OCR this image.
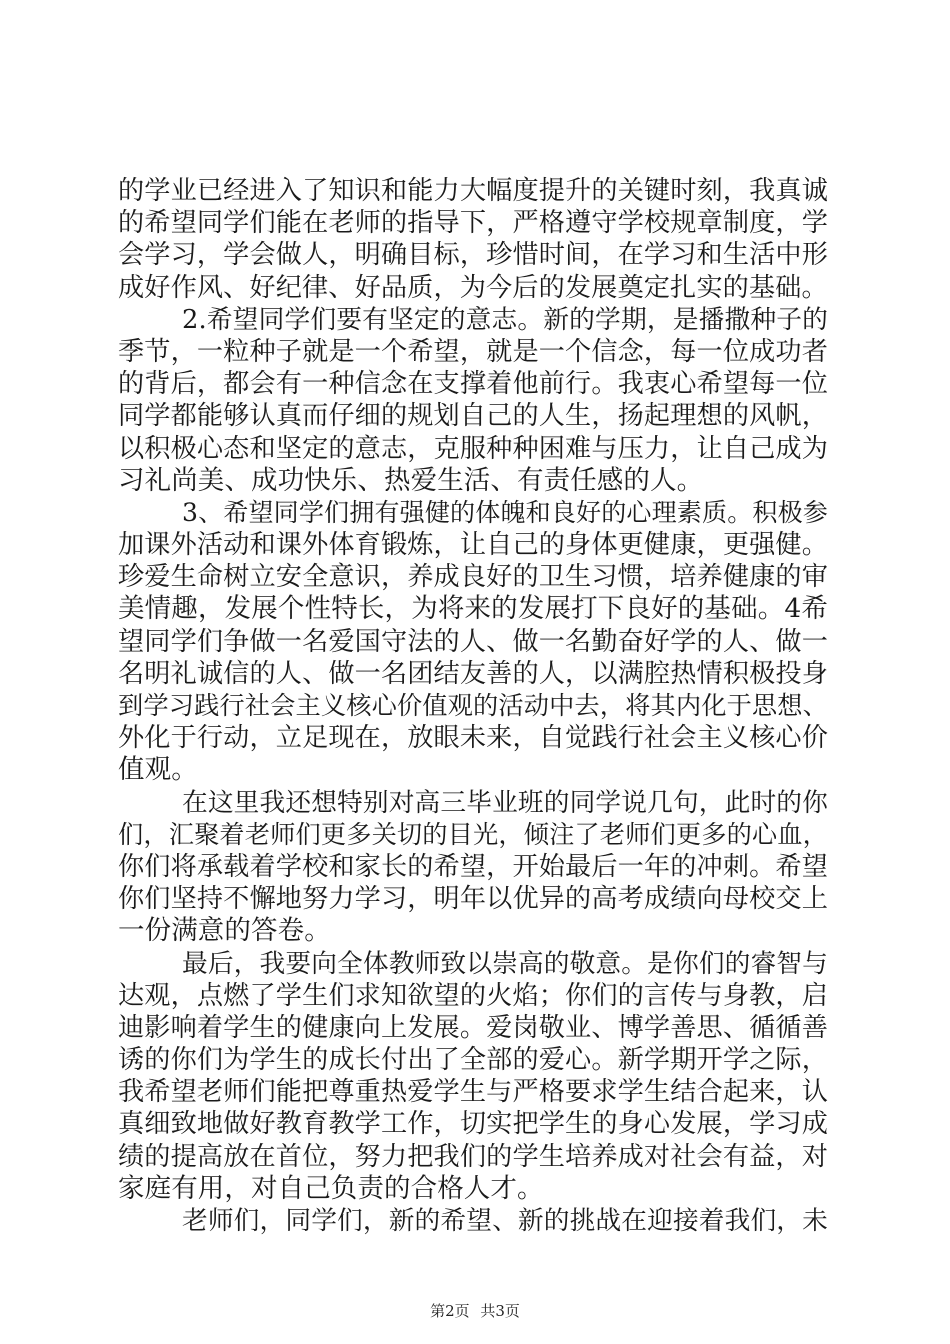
的学业已经进入了知识和能力大幅度提升的关键时刻，我真诚
的希望同学们能在老师的指导下，严格遵守学校规章制度，学
会学习，学会做人，明确目标，珍惜时间，在学习和生活中形
成好作风、好纪律、好品质，为今后的发展奠定扎实的基础。
2.希望同学们要有坚定的意志。新的学期，是播撒种子的
季节，一粒种子就是一个希望，就是一个信念，每一位成功者
的背后，都会有一种信念在支撑着他前行。我衷心希望每一位
同学都能够认真而仔细的规划自己的人生，扬起理想的风帆，
以积极心态和坚定的意志，克服种种困难与压力，让自己成为
习礼尚美、成功快乐、热爱生活、有责任感的人。
3、希望同学们拥有强健的体魄和良好的心理素质。积极参
加课外活动和课外体育锻炼，让自己的身体更健康，更强健。
珍爱生命树立安全意识，养成良好的卫生习惯，培养健康的审
美情趣，发展个性特长，为将来的发展打下良好的基础。4希
望同学们争做一名爱国守法的人、做一名勤奋好学的人、做一
名明礼诚信的人、做一名团结友善的人，以满腔热情积极投身
到学习践行社会主义核心价值观的活动中去，将其内化于思想、
外化于行动，立足现在，放眼未来，自觉践行社会主义核心价
值观。
在这里我还想特别对高三毕业班的同学说几句，此时的你
们，汇聚着老师们更多关切的目光，倾注了老师们更多的心血，
你们将承载着学校和家长的希望，开始最后一年的冲刺。希望
你们坚持不懈地努力学习，明年以优异的高考成绩向母校交上
一份满意的答卷。
最后，我要向全体教师致以崇高的敬意。是你们的睿智与
达观，点燃了学生们求知欲望的火焰；你们的言传与身教，启
迪影响着学生的健康向上发展。爱岗敬业、博学善思、循循善
诱的你们为学生的成长付出了全部的爱心。新学期开学之际，
我希望老师们能把尊重热爱学生与严格要求学生结合起来，认
真细致地做好教育教学工作，切实把学生的身心发展，学习成
绩的提高放在首位，努力把我们的学生培养成对社会有益，对
家庭有用，对自己负责的合格人才。
老师们，同学们，新的希望、新的挑战在迎接着我们，未
第2页 共3页
